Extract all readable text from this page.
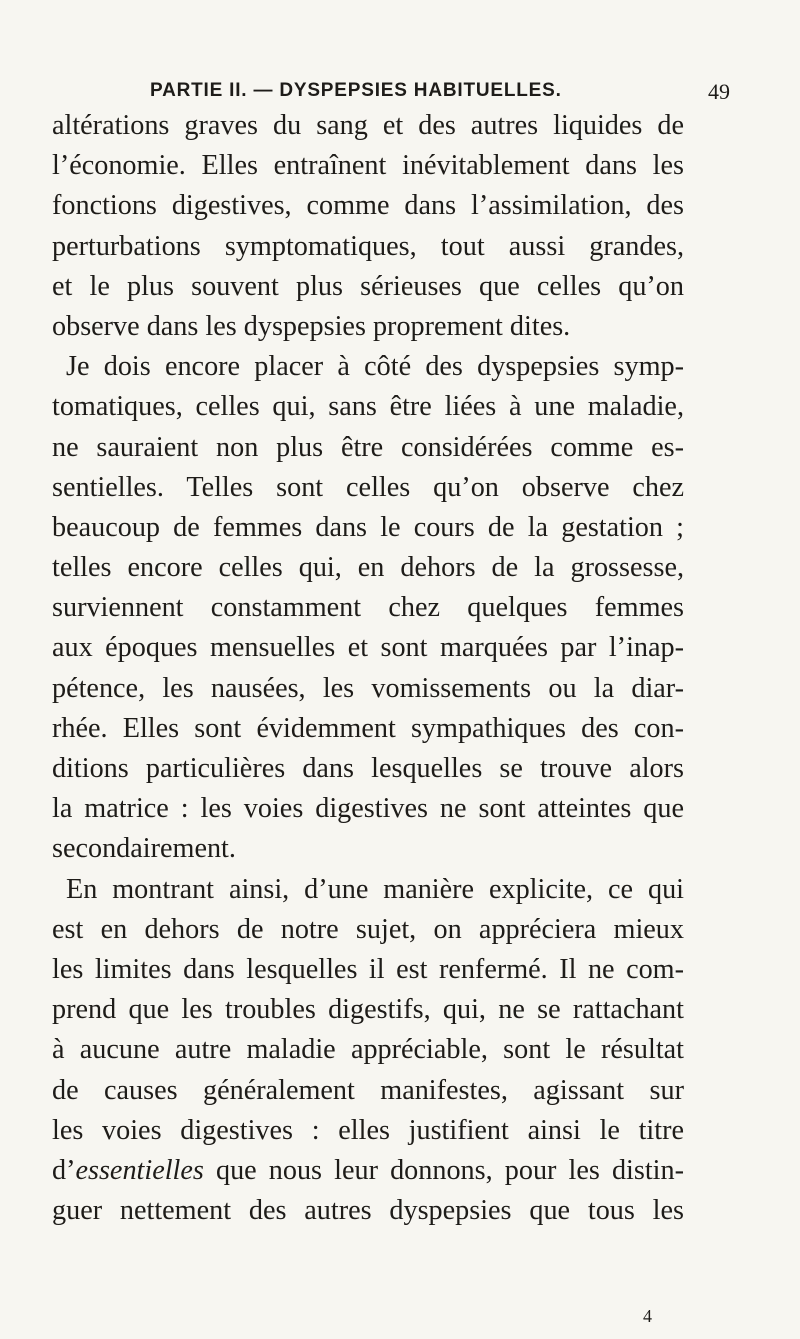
PARTIE II. — DYSPEPSIES HABITUELLES.	49
altérations graves du sang et des autres liquides de
l’économie. Elles entraînent inévitablement dans les
fonctions digestives, comme dans l’assimilation, des
perturbations symptomatiques, tout aussi grandes,
et le plus souvent plus sérieuses que celles qu’on
observe dans les dyspepsies proprement dites.
Je dois encore placer à côté des dyspepsies symp-
tomatiques, celles qui, sans être liées à une maladie,
ne sauraient non plus être considérées comme es-
sentielles. Telles sont celles qu’on observe chez
beaucoup de femmes dans le cours de la gestation ;
telles encore celles qui, en dehors de la grossesse,
surviennent constamment chez quelques femmes
aux époques mensuelles et sont marquées par l’inap-
pétence, les nausées, les vomissements ou la diar-
rhée. Elles sont évidemment sympathiques des con-
ditions particulières dans lesquelles se trouve alors
la matrice : les voies digestives ne sont atteintes que
secondairement.
En montrant ainsi, d’une manière explicite, ce qui
est en dehors de notre sujet, on appréciera mieux
les limites dans lesquelles il est renfermé. Il ne com-
prend que les troubles digestifs, qui, ne se rattachant
à aucune autre maladie appréciable, sont le résultat
de causes généralement manifestes, agissant sur
les voies digestives : elles justifient ainsi le titre
d’essentielles que nous leur donnons, pour les distin-
guer nettement des autres dyspepsies que tous les
4
